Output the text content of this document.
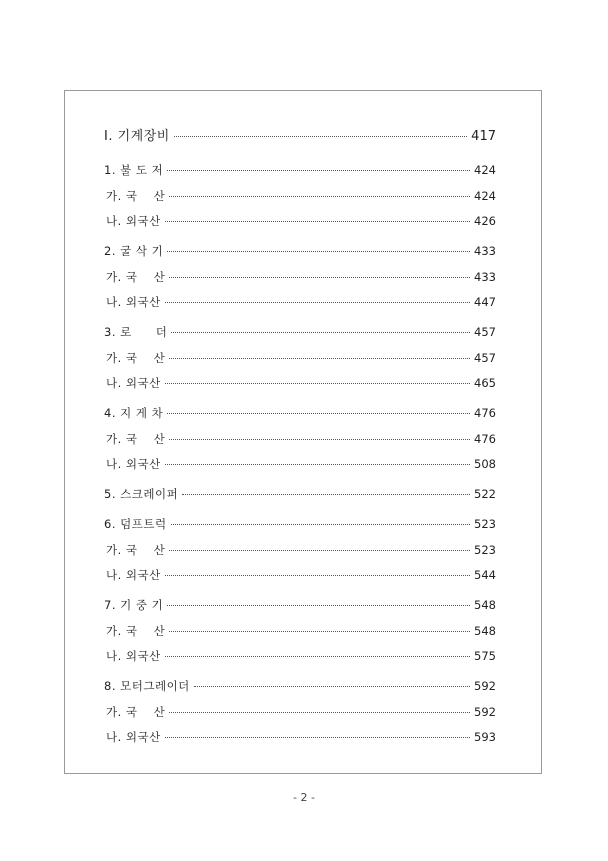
Ⅰ. 기계장비	417
1. 불 도 저	424
가. 국　 산	424
나. 외국산	426
2. 굴 삭 기	433
가. 국　 산	433
나. 외국산	447
3. 로　　더	457
가. 국　 산	457
나. 외국산	465
4. 지 게 차	476
가. 국　 산	476
나. 외국산	508
5. 스크레이퍼	522
6. 덤프트럭	523
가. 국　 산	523
나. 외국산	544
7. 기 중 기	548
가. 국　 산	548
나. 외국산	575
8. 모터그레이더	592
가. 국　 산	592
나. 외국산	593
- 2 -
